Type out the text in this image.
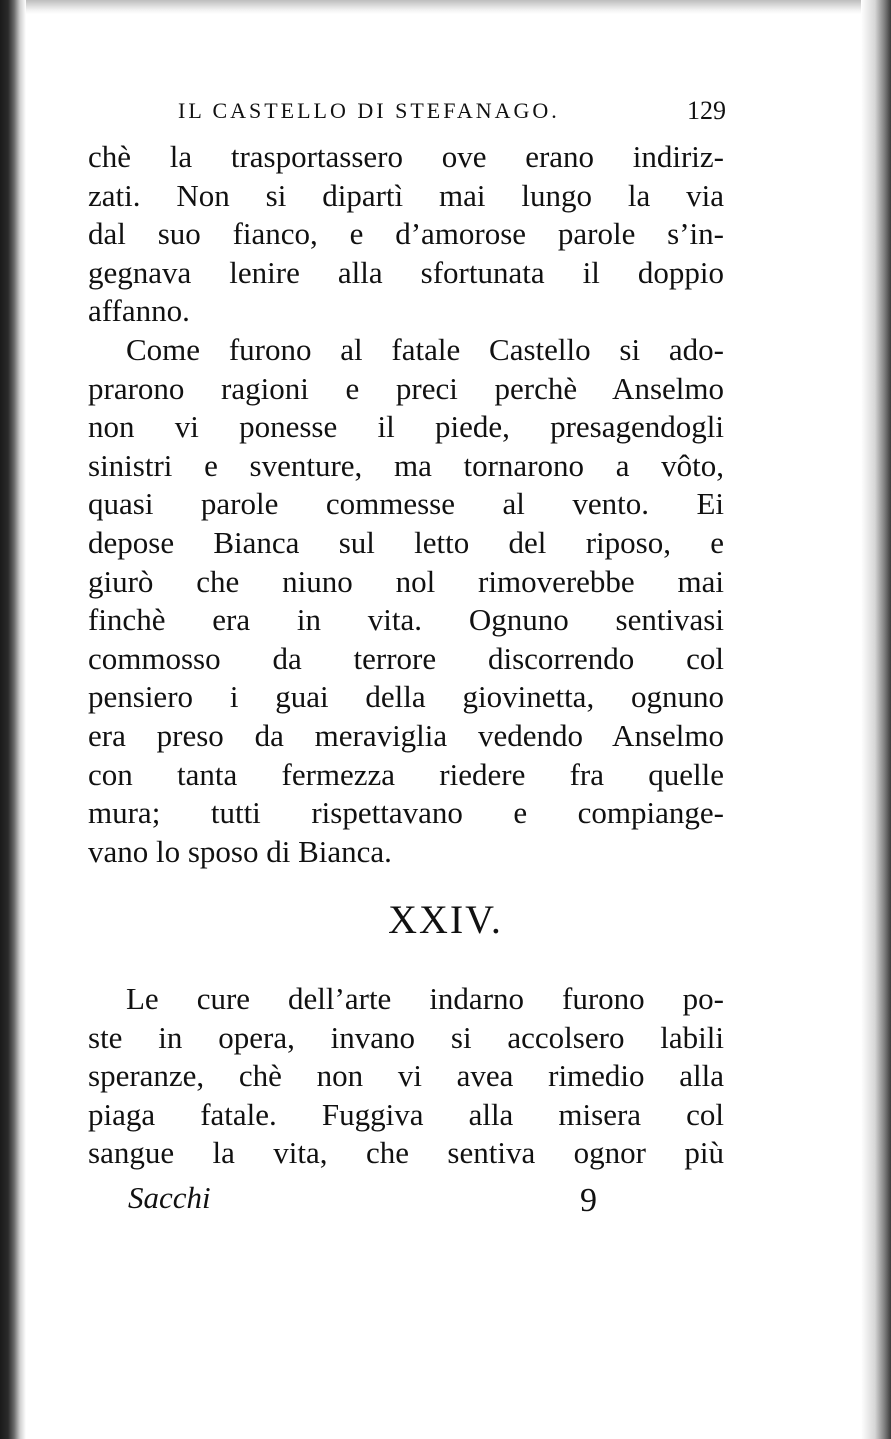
IL CASTELLO DI STEFANAGO.	129
chè la trasportassero ove erano indiriz-
zati. Non si dipartì mai lungo la via
dal suo fianco, e d’amorose parole s’in-
gegnava lenire alla sfortunata il doppio
affanno.
Come furono al fatale Castello si ado-
prarono ragioni e preci perchè Anselmo
non vi ponesse il piede, presagendogli
sinistri e sventure, ma tornarono a vôto,
quasi parole commesse al vento. Ei
depose Bianca sul letto del riposo, e
giurò che niuno nol rimoverebbe mai
finchè era in vita. Ognuno sentivasi
commosso da terrore discorrendo col
pensiero i guai della giovinetta, ognuno
era preso da meraviglia vedendo Anselmo
con tanta fermezza riedere fra quelle
mura; tutti rispettavano e compiange-
vano lo sposo di Bianca.
XXIV.
Le cure dell’arte indarno furono po-
ste in opera, invano si accolsero labili
speranze, chè non vi avea rimedio alla
piaga fatale. Fuggiva alla misera col
sangue la vita, che sentiva ognor più
Sacchi	9
